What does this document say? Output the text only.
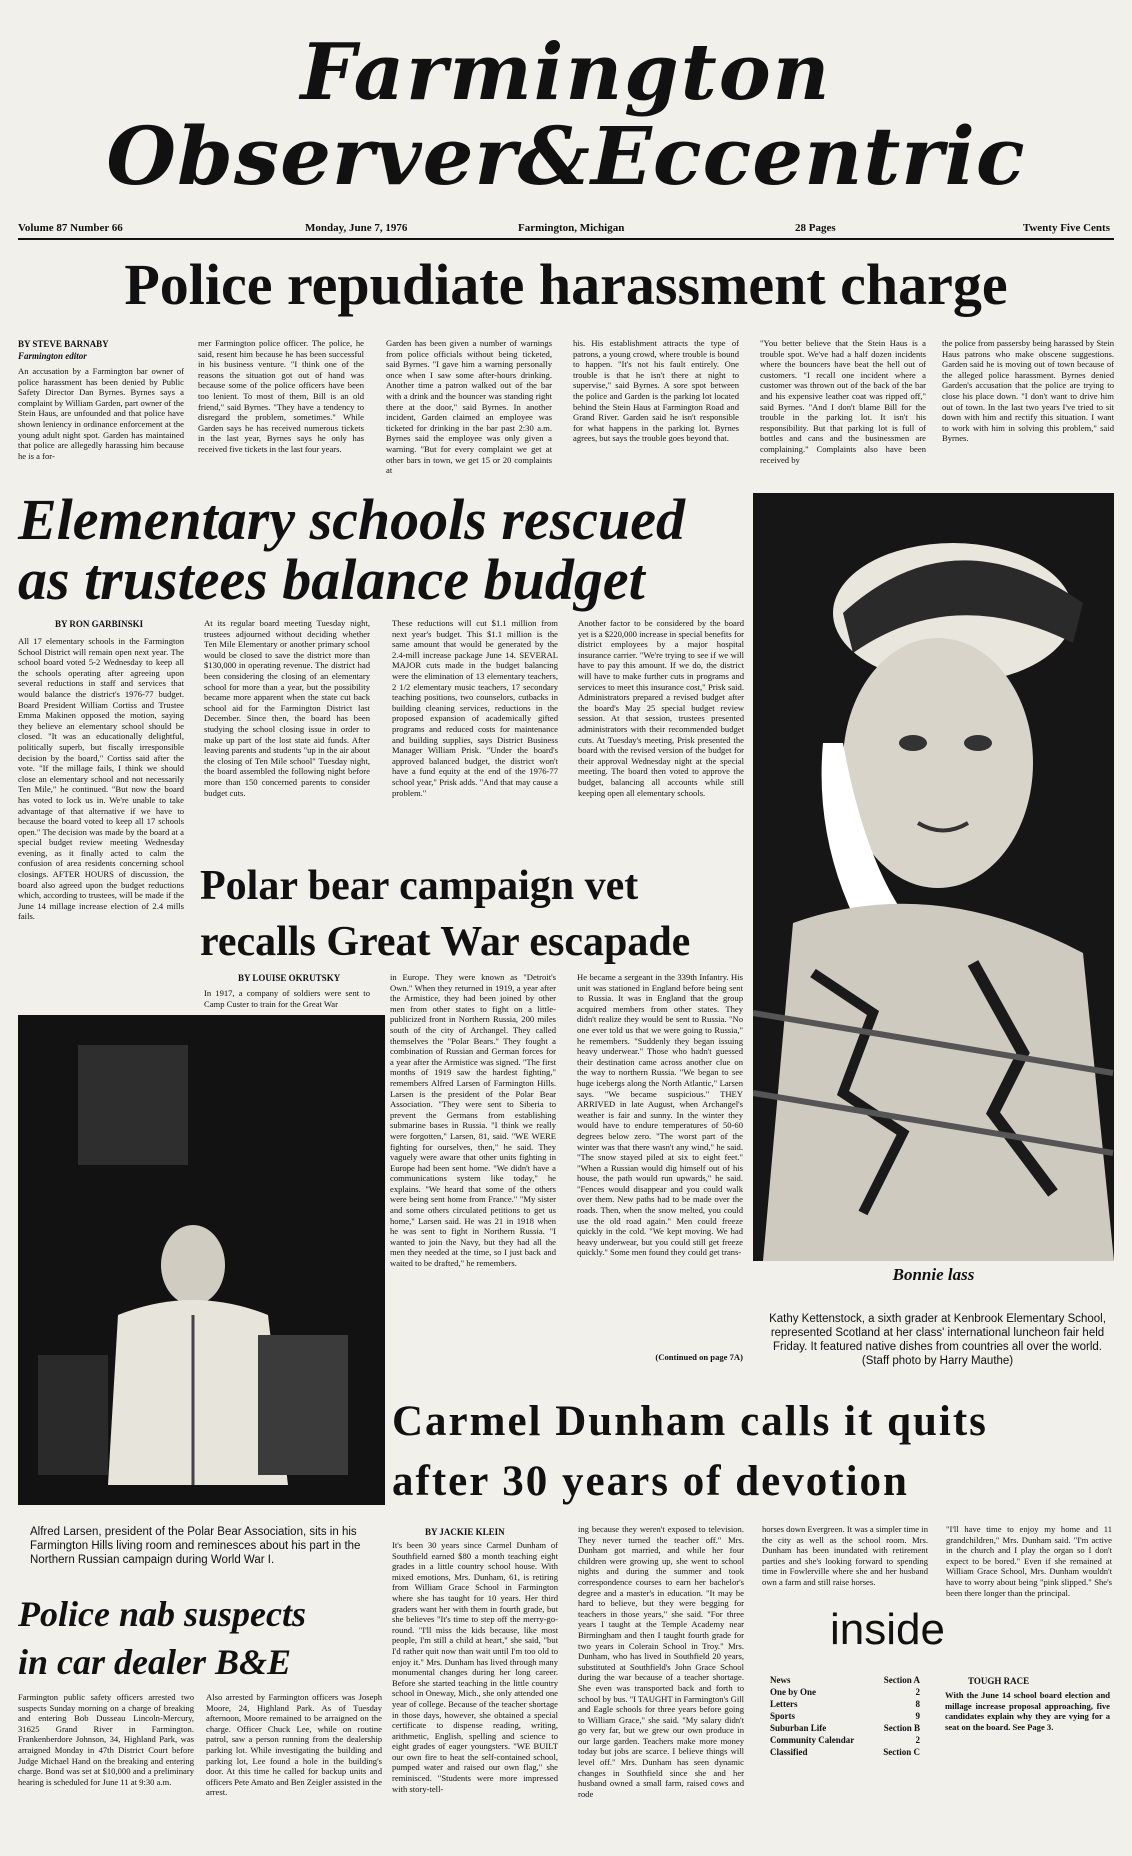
Farmington
Observer&Eccentric
Volume 87 Number 66	Monday, June 7, 1976	Farmington, Michigan	28 Pages	Twenty Five Cents
Police repudiate harassment charge
BY STEVE BARNABY
Farmington editor
An accusation by a Farmington bar owner of police harassment has been denied by Public Safety Director Dan Byrnes. Byrnes says a complaint by William Garden, part owner of the Stein Haus, are unfounded and that police have shown leniency in ordinance enforcement at the young adult night spot. Garden has maintained that police are allegedly harassing him because he is a for-
mer Farmington police officer. The police, he said, resent him because he has been successful in his business venture. "I think one of the reasons the situation got out of hand was because some of the police officers have been too lenient. To most of them, Bill is an old friend," said Byrnes. "They have a tendency to disregard the problem, sometimes." While Garden says he has received numerous tickets in the last year, Byrnes says he only has received five tickets in the last four years.
Garden has been given a number of warnings from police officials without being ticketed, said Byrnes. "I gave him a warning personally once when I saw some after-hours drinking. Another time a patron walked out of the bar with a drink and the bouncer was standing right there at the door," said Byrnes. In another incident, Garden claimed an employee was ticketed for drinking in the bar past 2:30 a.m. Byrnes said the employee was only given a warning. "But for every complaint we get at other bars in town, we get 15 or 20 complaints at
his. His establishment attracts the type of patrons, a young crowd, where trouble is bound to happen. "It's not his fault entirely. One trouble is that he isn't there at night to supervise," said Byrnes. A sore spot between the police and Garden is the parking lot located behind the Stein Haus at Farmington Road and Grand River. Garden said he isn't responsible for what happens in the parking lot. Byrnes agrees, but says the trouble goes beyond that.
"You better believe that the Stein Haus is a trouble spot. We've had a half dozen incidents where the bouncers have beat the hell out of customers. "I recall one incident where a customer was thrown out of the back of the bar and his expensive leather coat was ripped off," said Byrnes. "And I don't blame Bill for the trouble in the parking lot. It isn't his responsibility. But that parking lot is full of bottles and cans and the businessmen are complaining." Complaints also have been received by
the police from passersby being harassed by Stein Haus patrons who make obscene suggestions. Garden said he is moving out of town because of the alleged police harassment. Byrnes denied Garden's accusation that the police are trying to close his place down. "I don't want to drive him out of town. In the last two years I've tried to sit down with him and rectify this situation. I want to work with him in solving this problem," said Byrnes.
Elementary schools rescued
as trustees balance budget
BY RON GARBINSKI
All 17 elementary schools in the Farmington School District will remain open next year. The school board voted 5-2 Wednesday to keep all the schools operating after agreeing upon several reductions in staff and services that would balance the district's 1976-77 budget. Board President William Cortiss and Trustee Emma Makinen opposed the motion, saying they believe an elementary school should be closed. "It was an educationally delightful, politically superb, but fiscally irresponsible decision by the board," Cortiss said after the vote. "If the millage fails, I think we should close an elementary school and not necessarily Ten Mile," he continued. "But now the board has voted to lock us in. We're unable to take advantage of that alternative if we have to because the board voted to keep all 17 schools open." The decision was made by the board at a special budget review meeting Wednesday evening, as it finally acted to calm the confusion of area residents concerning school closings. AFTER HOURS of discussion, the board also agreed upon the budget reductions which, according to trustees, will be made if the June 14 millage increase election of 2.4 mills fails.
At its regular board meeting Tuesday night, trustees adjourned without deciding whether Ten Mile Elementary or another primary school would be closed to save the district more than $130,000 in operating revenue. The district had been considering the closing of an elementary school for more than a year, but the possibility became more apparent when the state cut back school aid for the Farmington District last December. Since then, the board has been studying the school closing issue in order to make up part of the lost state aid funds. After leaving parents and students "up in the air about the closing of Ten Mile school" Tuesday night, the board assembled the following night before more than 150 concerned parents to consider budget cuts.
These reductions will cut $1.1 million from next year's budget. This $1.1 million is the same amount that would be generated by the 2.4-mill increase package June 14. SEVERAL MAJOR cuts made in the budget balancing were the elimination of 13 elementary teachers, 2 1/2 elementary music teachers, 17 secondary teaching positions, two counselors, cutbacks in building cleaning services, reductions in the proposed expansion of academically gifted programs and reduced costs for maintenance and building supplies, says District Business Manager William Prisk. "Under the board's approved balanced budget, the district won't have a fund equity at the end of the 1976-77 school year," Prisk adds. "And that may cause a problem."
Another factor to be considered by the board yet is a $220,000 increase in special benefits for district employees by a major hospital insurance carrier. "We're trying to see if we will have to pay this amount. If we do, the district will have to make further cuts in programs and services to meet this insurance cost," Prisk said. Administrators prepared a revised budget after the board's May 25 special budget review session. At that session, trustees presented administrators with their recommended budget cuts. At Tuesday's meeting, Prisk presented the board with the revised version of the budget for their approval Wednesday night at the special meeting. The board then voted to approve the budget, balancing all accounts while still keeping open all elementary schools.
Bonnie lass
Kathy Kettenstock, a sixth grader at Kenbrook Elementary School, represented Scotland at her class' international luncheon fair held Friday. It featured native dishes from countries all over the world. (Staff photo by Harry Mauthe)
Polar bear campaign vet
recalls Great War escapade
BY LOUISE OKRUTSKY
In 1917, a company of soldiers were sent to Camp Custer to train for the Great War
in Europe. They were known as "Detroit's Own." When they returned in 1919, a year after the Armistice, they had been joined by other men from other states to fight on a little-publicized front in Northern Russia, 200 miles south of the city of Archangel. They called themselves the "Polar Bears." They fought a combination of Russian and German forces for a year after the Armistice was signed. "The first months of 1919 saw the hardest fighting," remembers Alfred Larsen of Farmington Hills. Larsen is the president of the Polar Bear Association. "They were sent to Siberia to prevent the Germans from establishing submarine bases in Russia. "I think we really were forgotten," Larsen, 81, said. "WE WERE fighting for ourselves, then," he said. They vaguely were aware that other units fighting in Europe had been sent home. "We didn't have a communications system like today," he explains. "We heard that some of the others were being sent home from France." "My sister and some others circulated petitions to get us home," Larsen said. He was 21 in 1918 when he was sent to fight in Northern Russia. "I wanted to join the Navy, but they had all the men they needed at the time, so I just back and waited to be drafted," he remembers.
He became a sergeant in the 339th Infantry. His unit was stationed in England before being sent to Russia. It was in England that the group acquired members from other states. They didn't realize they would be sent to Russia. "No one ever told us that we were going to Russia," he remembers. "Suddenly they began issuing heavy underwear." Those who hadn't guessed their destination came across another clue on the way to northern Russia. "We began to see huge icebergs along the North Atlantic," Larsen says. "We became suspicious." THEY ARRIVED in late August, when Archangel's weather is fair and sunny. In the winter they would have to endure temperatures of 50-60 degrees below zero. "The worst part of the winter was that there wasn't any wind," he said. "The snow stayed piled at six to eight feet." "When a Russian would dig himself out of his house, the path would run upwards," he said. "Fences would disappear and you could walk over them. New paths had to be made over the roads. Then, when the snow melted, you could use the old road again." Men could freeze quickly in the cold. "We kept moving. We had heavy underwear, but you could still get freeze quickly." Some men found they could get trans-
(Continued on page 7A)
Alfred Larsen, president of the Polar Bear Association, sits in his Farmington Hills living room and reminesces about his part in the Northern Russian campaign during World War I.
Carmel Dunham calls it quits
after 30 years of devotion
BY JACKIE KLEIN
It's been 30 years since Carmel Dunham of Southfield earned $80 a month teaching eight grades in a little country school house. With mixed emotions, Mrs. Dunham, 61, is retiring from William Grace School in Farmington where she has taught for 10 years. Her third graders want her with them in fourth grade, but she believes "It's time to step off the merry-go-round. "I'll miss the kids because, like most people, I'm still a child at heart," she said, "but I'd rather quit now than wait until I'm too old to enjoy it." Mrs. Dunham has lived through many monumental changes during her long career. Before she started teaching in the little country school in Oneway, Mich., she only attended one year of college. Because of the teacher shortage in those days, however, she obtained a special certificate to dispense reading, writing, arithmetic, English, spelling and science to eight grades of eager youngsters. "WE BUILT our own fire to heat the self-contained school, pumped water and raised our own flag," she reminisced. "Students were more impressed with story-tell-
ing because they weren't exposed to television. They never turned the teacher off." Mrs. Dunham got married, and while her four children were growing up, she went to school nights and during the summer and took correspondence courses to earn her bachelor's degree and a master's in education. "It may be hard to believe, but they were begging for teachers in those years," she said. "For three years I taught at the Temple Academy near Birmingham and then I taught fourth grade for two years in Colerain School in Troy." Mrs. Dunham, who has lived in Southfield 20 years, substituted at Southfield's John Grace School during the war because of a teacher shortage. She even was transported back and forth to school by bus. "I TAUGHT in Farmington's Gill and Eagle schools for three years before going to William Grace," she said. "My salary didn't go very far, but we grew our own produce in our large garden. Teachers make more money today but jobs are scarce. I believe things will level off." Mrs. Dunham has seen dynamic changes in Southfield since she and her husband owned a small farm, raised cows and rode
horses down Evergreen. It was a simpler time in the city as well as the school room. Mrs. Dunham has been inundated with retirement parties and she's looking forward to spending time in Fowlerville where she and her husband own a farm and still raise horses.
"I'll have time to enjoy my home and 11 grandchildren," Mrs. Dunham said. "I'm active in the church and I play the organ so I don't expect to be bored." Even if she remained at William Grace School, Mrs. Dunham wouldn't have to worry about being "pink slipped." She's been there longer than the principal.
Police nab suspects
in car dealer B&E
Farmington public safety officers arrested two suspects Sunday morning on a charge of breaking and entering Bob Dusseau Lincoln-Mercury, 31625 Grand River in Farmington. Frankenberdore Johnson, 34, Highland Park, was arraigned Monday in 47th District Court before Judge Michael Hand on the breaking and entering charge. Bond was set at $10,000 and a preliminary hearing is scheduled for June 11 at 9:30 a.m.
Also arrested by Farmington officers was Joseph Moore, 24, Highland Park. As of Tuesday afternoon, Moore remained to be arraigned on the charge. Officer Chuck Lee, while on routine patrol, saw a person running from the dealership parking lot. While investigating the building and parking lot, Lee found a hole in the building's door. At this time he called for backup units and officers Pete Amato and Ben Zeigler assisted in the arrest.
inside
News	Section A
One by One	2
Letters	8
Sports	9
Suburban Life	Section B
Community Calendar	2
Classified	Section C
TOUGH RACE
With the June 14 school board election and millage increase proposal approaching, five candidates explain why they are vying for a seat on the board. See Page 3.
